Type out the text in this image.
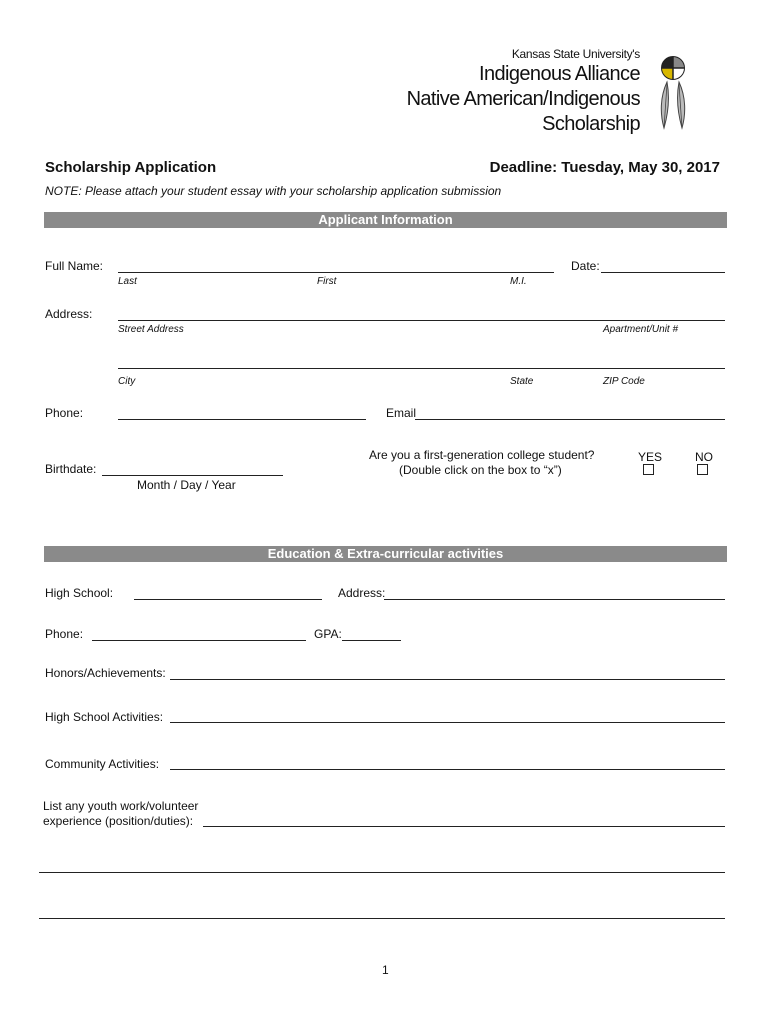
Kansas State University's
Indigenous Alliance
Native American/Indigenous
Scholarship
Scholarship Application	Deadline: Tuesday, May 30, 2017
NOTE: Please attach your student essay with your scholarship application submission
Applicant Information
Full Name:
Last	First	M.I.
Date:
Address:
Street Address	Apartment/Unit #
City	State	ZIP Code
Phone:	Email
Are you a first-generation college student?
(Double click on the box to “x”)
YES	NO
Birthdate:
Month / Day / Year
Education & Extra-curricular activities
High School:	Address:
Phone:	GPA:
Honors/Achievements:
High School Activities:
Community Activities:
List any youth work/volunteer
experience (position/duties):
1
